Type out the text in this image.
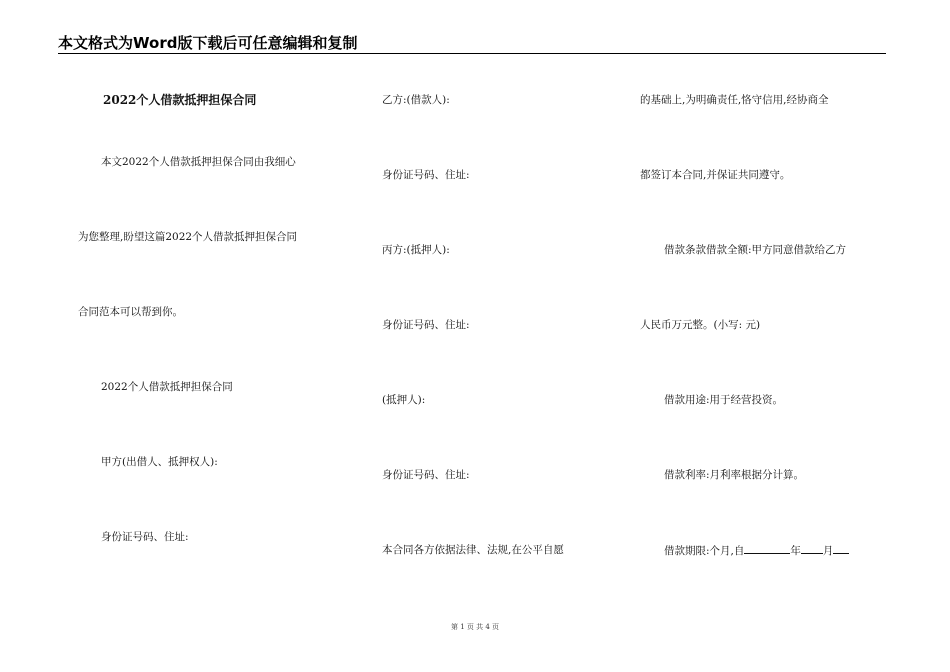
本文格式为Word版下载后可任意编辑和复制
2022个人借款抵押担保合同
本文2022个人借款抵押担保合同由我细心
为您整理,盼望这篇2022个人借款抵押担保合同
合同范本可以帮到你。
2022个人借款抵押担保合同
甲方(出借人、抵押权人):
身份证号码、住址:
乙方:(借款人):
身份证号码、住址:
丙方:(抵押人):
身份证号码、住址:
(抵押人):
身份证号码、住址:
本合同各方依据法律、法规,在公平自愿
的基础上,为明确责任,恪守信用,经协商全
都签订本合同,并保证共同遵守。
借款条款借款全额:甲方同意借款给乙方
人民币万元整。(小写: 元)
借款用途:用于经营投资。
借款利率:月利率根据分计算。
借款期限:个月,自	年 月
第 1 页 共 4 页
